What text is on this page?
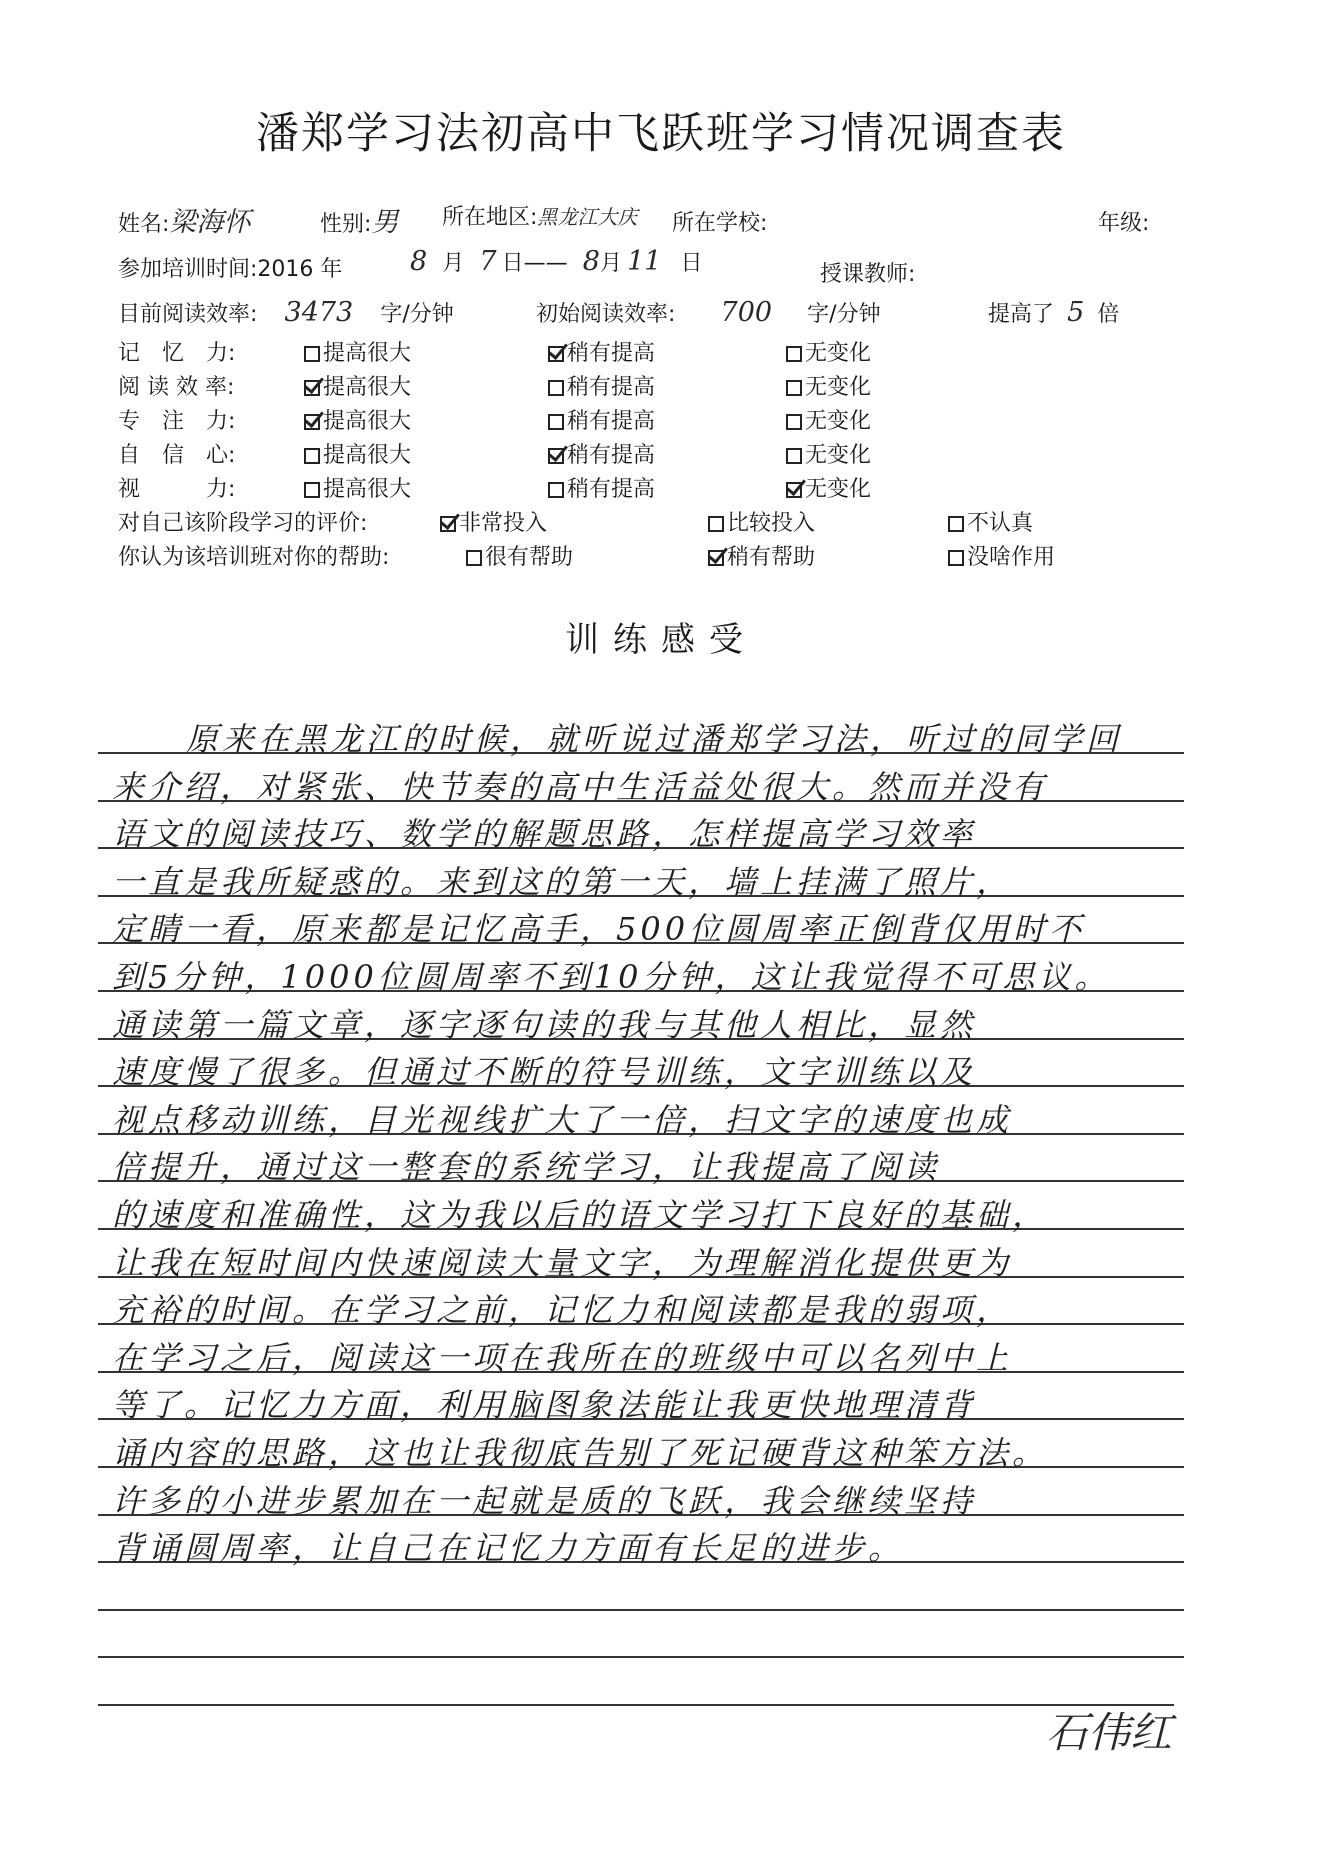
潘郑学习法初高中飞跃班学习情况调查表
姓名:梁海怀	性别:男 所在地区:黑龙江大庆 所在学校:	年级:
参加培训时间:2016 年	8 月 7 日—— 8月 11 日	授课教师:
目前阅读效率: 3473 字/分钟	初始阅读效率: 700 字/分钟	提高了 5 倍
记　忆　力:	提高很大	稍有提高	无变化
阅 读 效 率:	提高很大	稍有提高	无变化
专　注　力:	提高很大	稍有提高	无变化
自　信　心:	提高很大	稍有提高	无变化
视　　　力:	提高很大	稍有提高	无变化
对自己该阶段学习的评价:	非常投入	比较投入	不认真
你认为该培训班对你的帮助:	很有帮助	稍有帮助	没啥作用
训练感受
　原来在黑龙江的时候，就听说过潘郑学习法，听过的同学回
来介绍，对紧张、快节奏的高中生活益处很大。然而并没有
语文的阅读技巧、数学的解题思路，怎样提高学习效率
一直是我所疑惑的。来到这的第一天，墙上挂满了照片，
定睛一看，原来都是记忆高手，500位圆周率正倒背仅用时不
到5分钟，1000位圆周率不到10分钟，这让我觉得不可思议。
通读第一篇文章，逐字逐句读的我与其他人相比，显然
速度慢了很多。但通过不断的符号训练，文字训练以及
视点移动训练，目光视线扩大了一倍，扫文字的速度也成
倍提升，通过这一整套的系统学习，让我提高了阅读
的速度和准确性，这为我以后的语文学习打下良好的基础，
让我在短时间内快速阅读大量文字，为理解消化提供更为
充裕的时间。在学习之前，记忆力和阅读都是我的弱项，
在学习之后，阅读这一项在我所在的班级中可以名列中上
等了。记忆力方面，利用脑图象法能让我更快地理清背
诵内容的思路，这也让我彻底告别了死记硬背这种笨方法。
许多的小进步累加在一起就是质的飞跃，我会继续坚持
背诵圆周率，让自己在记忆力方面有长足的进步。
石伟红
